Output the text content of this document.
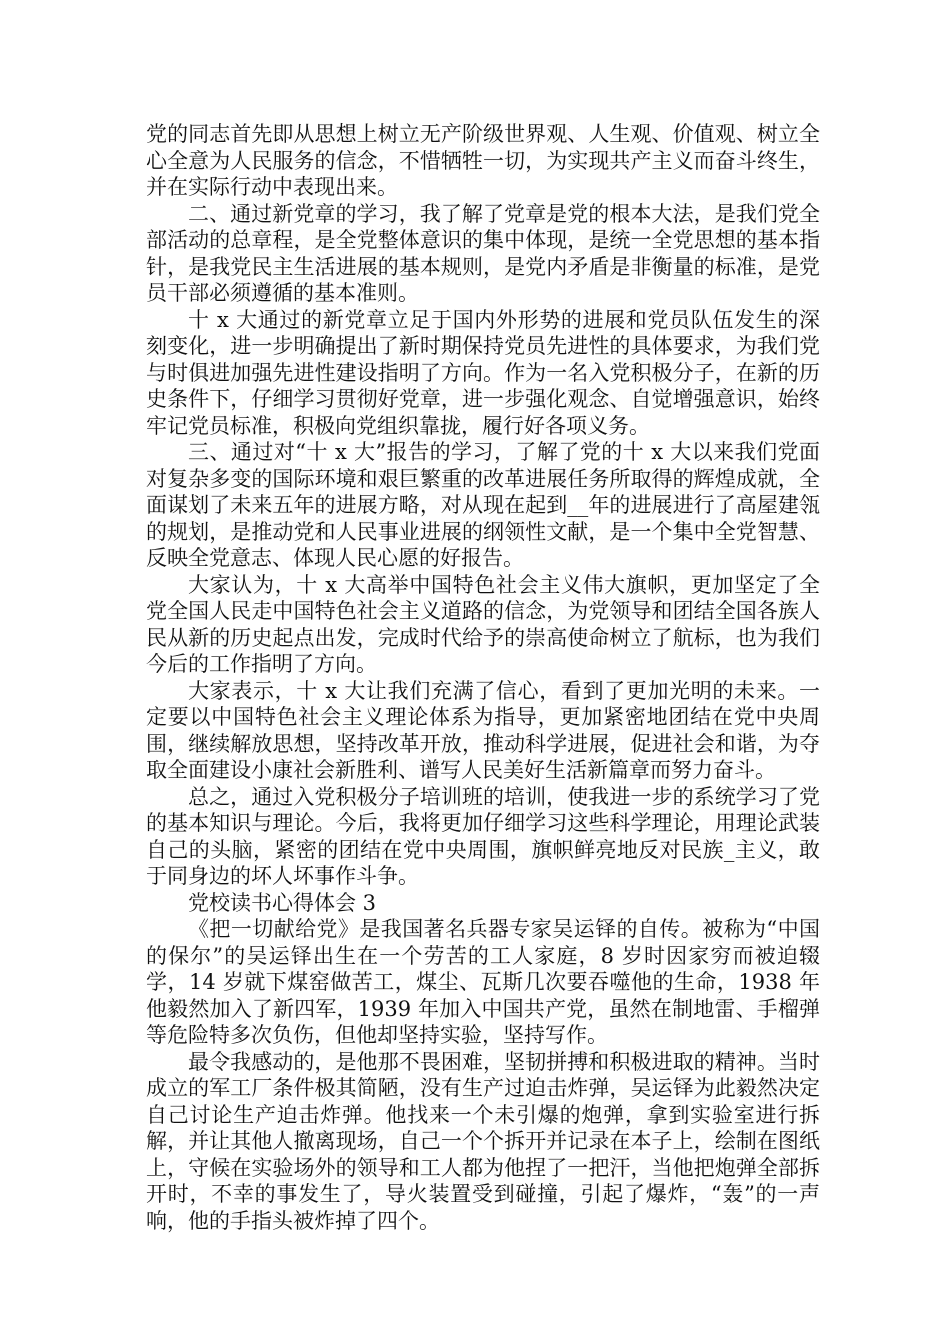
党的同志首先即从思想上树立无产阶级世界观、人生观、价值观、树立全心全意为人民服务的信念，不惜牺牲一切，为实现共产主义而奋斗终生，并在实际行动中表现出来。

二、通过新党章的学习，我了解了党章是党的根本大法，是我们党全部活动的总章程，是全党整体意识的集中体现，是统一全党思想的基本指针，是我党民主生活进展的基本规则，是党内矛盾是非衡量的标准，是党员干部必须遵循的基本准则。

十 x 大通过的新党章立足于国内外形势的进展和党员队伍发生的深刻变化，进一步明确提出了新时期保持党员先进性的具体要求，为我们党与时俱进加强先进性建设指明了方向。作为一名入党积极分子，在新的历史条件下，仔细学习贯彻好党章，进一步强化观念、自觉增强意识，始终牢记党员标准，积极向党组织靠拢，履行好各项义务。

三、通过对“十 x 大”报告的学习，了解了党的十 x 大以来我们党面对复杂多变的国际环境和艰巨繁重的改革进展任务所取得的辉煌成就，全面谋划了未来五年的进展方略，对从现在起到__年的进展进行了高屋建瓴的规划，是推动党和人民事业进展的纲领性文献，是一个集中全党智慧、反映全党意志、体现人民心愿的好报告。

大家认为，十 x 大高举中国特色社会主义伟大旗帜，更加坚定了全党全国人民走中国特色社会主义道路的信念，为党领导和团结全国各族人民从新的历史起点出发，完成时代给予的崇高使命树立了航标，也为我们今后的工作指明了方向。

大家表示，十 x 大让我们充满了信心，看到了更加光明的未来。一定要以中国特色社会主义理论体系为指导，更加紧密地团结在党中央周围，继续解放思想，坚持改革开放，推动科学进展，促进社会和谐，为夺取全面建设小康社会新胜利、谱写人民美好生活新篇章而努力奋斗。

总之，通过入党积极分子培训班的培训，使我进一步的系统学习了党的基本知识与理论。今后，我将更加仔细学习这些科学理论，用理论武装自己的头脑，紧密的团结在党中央周围，旗帜鲜亮地反对民族_主义，敢于同身边的坏人坏事作斗争。

党校读书心得体会 3

《把一切献给党》是我国著名兵器专家吴运铎的自传。被称为“中国的保尔”的吴运铎出生在一个劳苦的工人家庭，8 岁时因家穷而被迫辍学，14 岁就下煤窑做苦工，煤尘、瓦斯几次要吞噬他的生命，1938 年他毅然加入了新四军，1939 年加入中国共产党，虽然在制地雷、手榴弹等危险特多次负伤，但他却坚持实验，坚持写作。

最令我感动的，是他那不畏困难，坚韧拼搏和积极进取的精神。当时成立的军工厂条件极其简陋，没有生产过迫击炸弹，吴运铎为此毅然决定自己讨论生产迫击炸弹。他找来一个未引爆的炮弹，拿到实验室进行拆解，并让其他人撤离现场，自己一个个拆开并记录在本子上，绘制在图纸上，守候在实验场外的领导和工人都为他捏了一把汗，当他把炮弹全部拆开时，不幸的事发生了，导火装置受到碰撞，引起了爆炸，“轰”的一声响，他的手指头被炸掉了四个。
